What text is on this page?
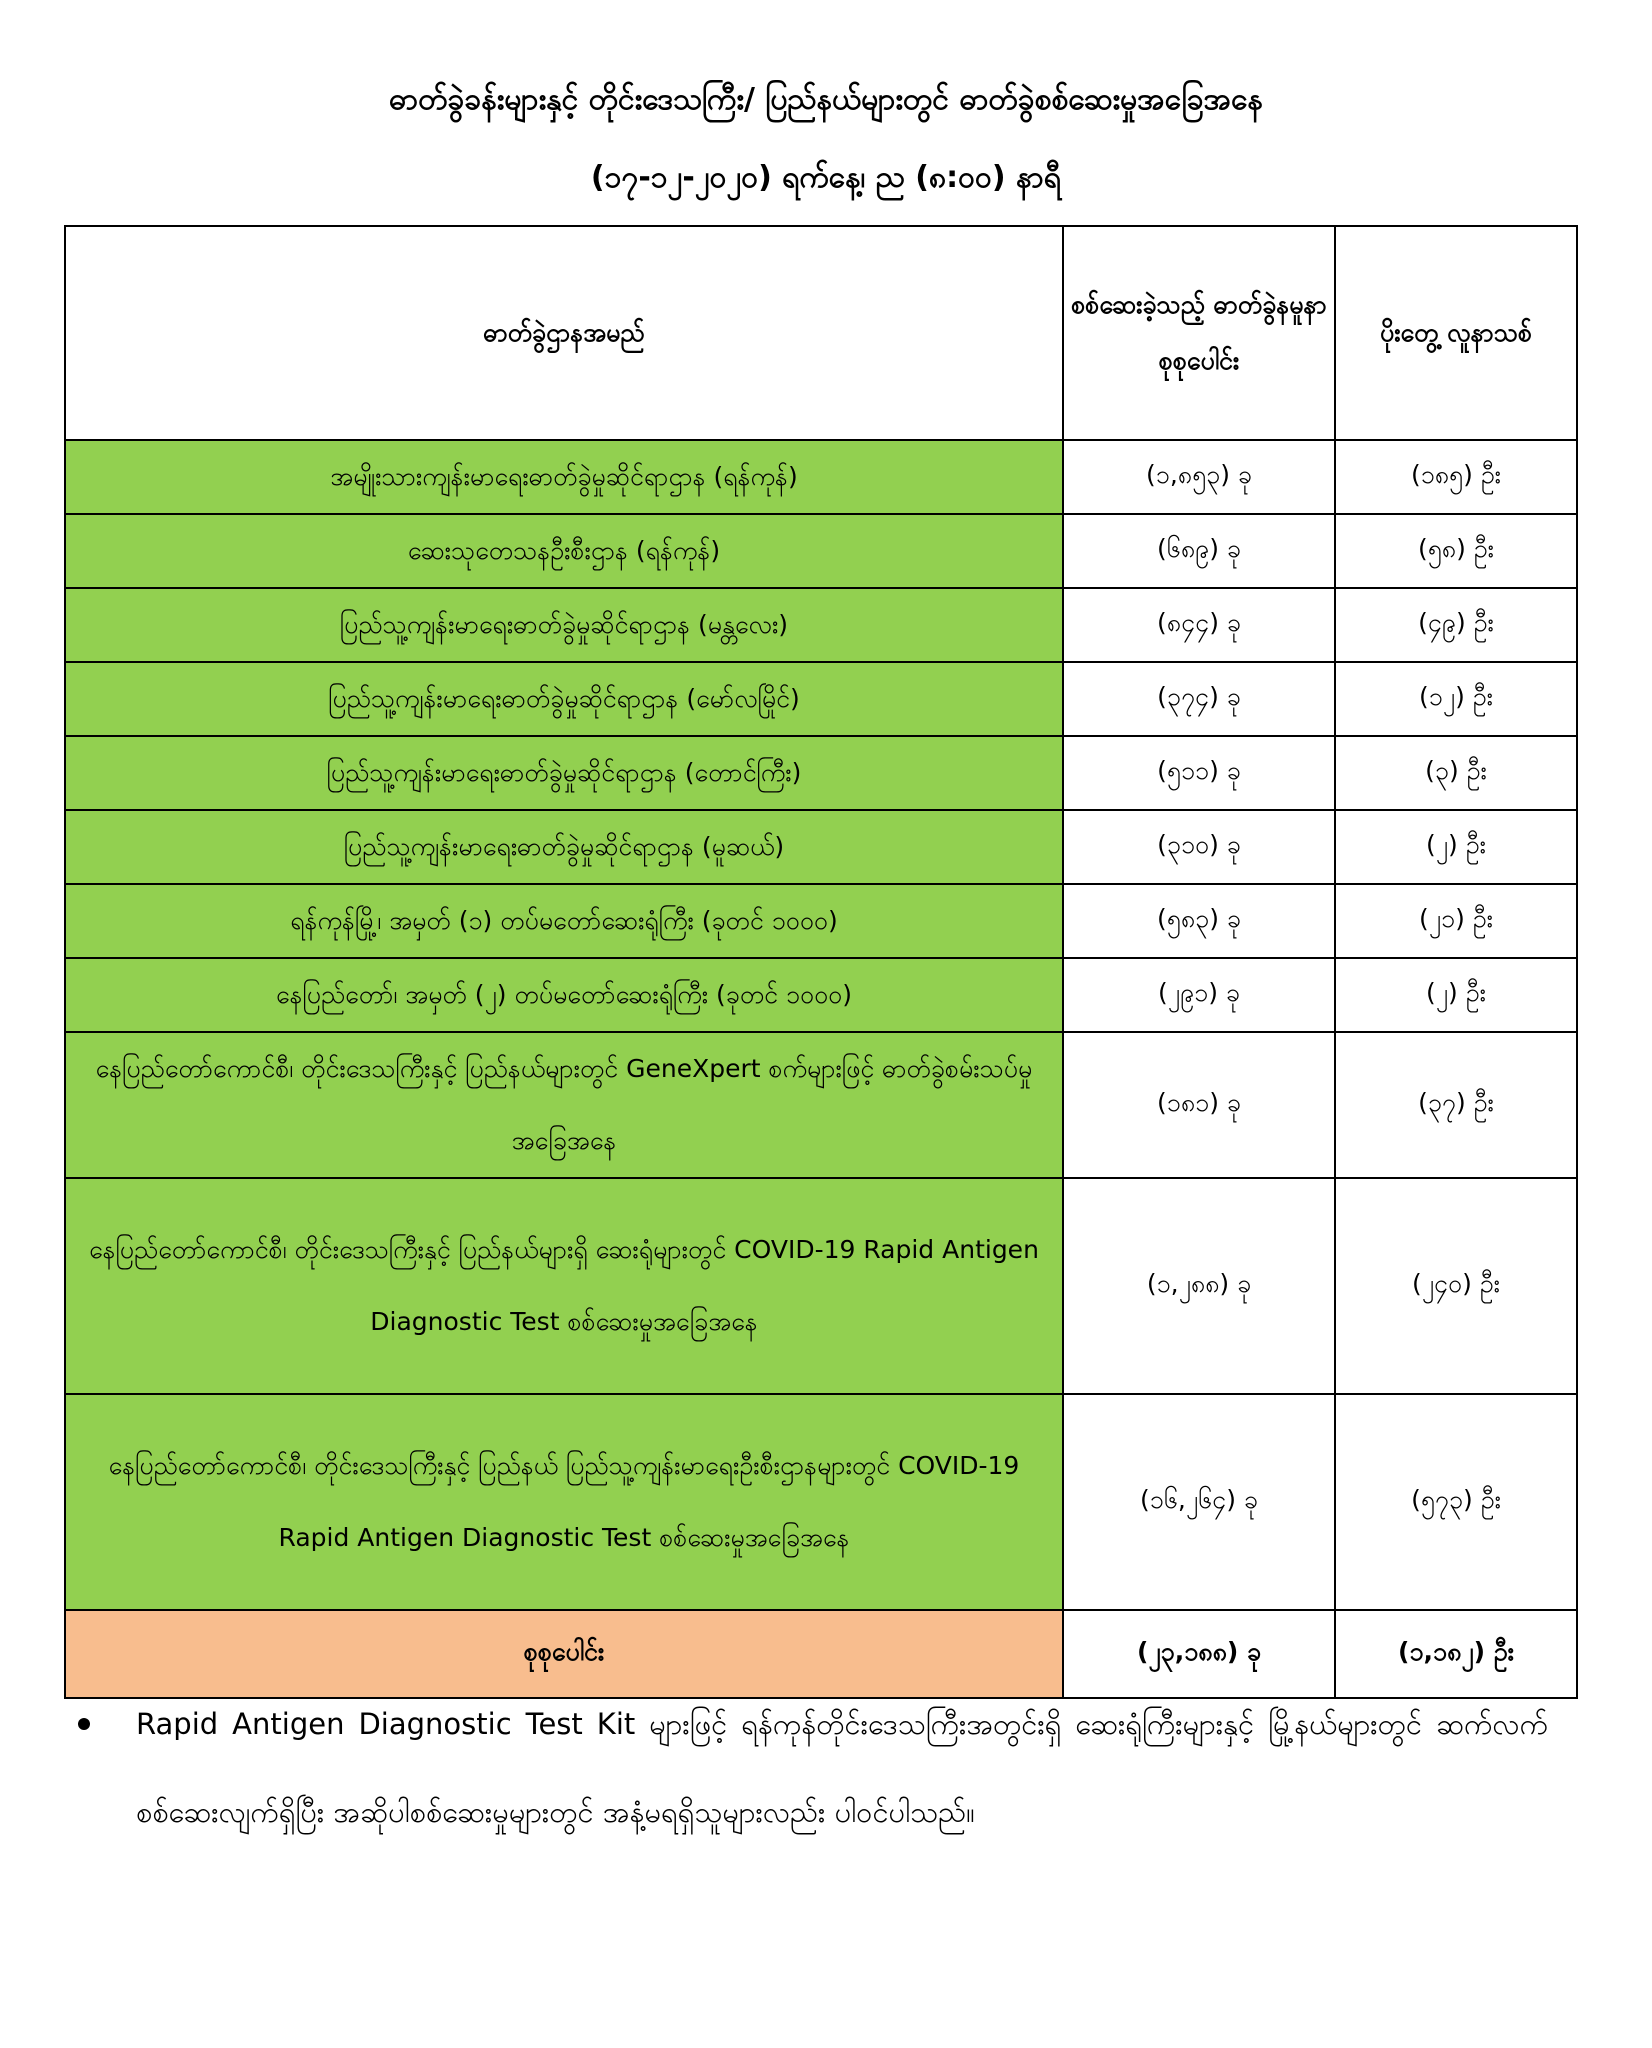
ဓာတ်ခွဲခန်းများနှင့် တိုင်းဒေသကြီး/ ပြည်နယ်များတွင် ဓာတ်ခွဲစစ်ဆေးမှုအခြေအနေ
(၁၇-၁၂-၂၀၂၀) ရက်နေ့၊ ည (၈:၀၀) နာရီ
ဓာတ်ခွဲဌာနအမည်	စစ်ဆေးခဲ့သည့် ဓာတ်ခွဲနမူနာ စုစုပေါင်း	ပိုးတွေ့ လူနာသစ်
အမျိုးသားကျန်းမာရေးဓာတ်ခွဲမှုဆိုင်ရာဌာန (ရန်ကုန်)	(၁,၈၅၃) ခု	(၁၈၅) ဦး
ဆေးသုတေသနဦးစီးဌာန (ရန်ကုန်)	(၆၈၉) ခု	(၅၈) ဦး
ပြည်သူ့ကျန်းမာရေးဓာတ်ခွဲမှုဆိုင်ရာဌာန (မန္တလေး)	(၈၄၄) ခု	(၄၉) ဦး
ပြည်သူ့ကျန်းမာရေးဓာတ်ခွဲမှုဆိုင်ရာဌာန (မော်လမြိုင်)	(၃၇၄) ခု	(၁၂) ဦး
ပြည်သူ့ကျန်းမာရေးဓာတ်ခွဲမှုဆိုင်ရာဌာန (တောင်ကြီး)	(၅၁၁) ခု	(၃) ဦး
ပြည်သူ့ကျန်းမာရေးဓာတ်ခွဲမှုဆိုင်ရာဌာန (မူဆယ်)	(၃၁၀) ခု	(၂) ဦး
ရန်ကုန်မြို့၊ အမှတ် (၁) တပ်မတော်ဆေးရုံကြီး (ခုတင် ၁၀၀၀)	(၅၈၃) ခု	(၂၁) ဦး
နေပြည်တော်၊ အမှတ် (၂) တပ်မတော်ဆေးရုံကြီး (ခုတင် ၁၀၀၀)	(၂၉၁) ခု	(၂) ဦး
နေပြည်တော်ကောင်စီ၊ တိုင်းဒေသကြီးနှင့် ပြည်နယ်များတွင် GeneXpert စက်များဖြင့် ဓာတ်ခွဲစမ်းသပ်မှုအခြေအနေ	(၁၈၁) ခု	(၃၇) ဦး
နေပြည်တော်ကောင်စီ၊ တိုင်းဒေသကြီးနှင့် ပြည်နယ်များရှိ ဆေးရုံများတွင် COVID-19 Rapid Antigen Diagnostic Test စစ်ဆေးမှုအခြေအနေ	(၁,၂၈၈) ခု	(၂၄၀) ဦး
နေပြည်တော်ကောင်စီ၊ တိုင်းဒေသကြီးနှင့် ပြည်နယ် ပြည်သူ့ကျန်းမာရေးဦးစီးဌာနများတွင် COVID-19 Rapid Antigen Diagnostic Test စစ်ဆေးမှုအခြေအနေ	(၁၆,၂၆၄) ခု	(၅၇၃) ဦး
စုစုပေါင်း	(၂၃,၁၈၈) ခု	(၁,၁၈၂) ဦး
Rapid Antigen Diagnostic Test Kit များဖြင့် ရန်ကုန်တိုင်းဒေသကြီးအတွင်းရှိ ဆေးရုံကြီးများနှင့် မြို့နယ်များတွင် ဆက်လက်စစ်ဆေးလျက်ရှိပြီး အဆိုပါစစ်ဆေးမှုများတွင် အနံ့မရရှိသူများလည်း ပါဝင်ပါသည်။
